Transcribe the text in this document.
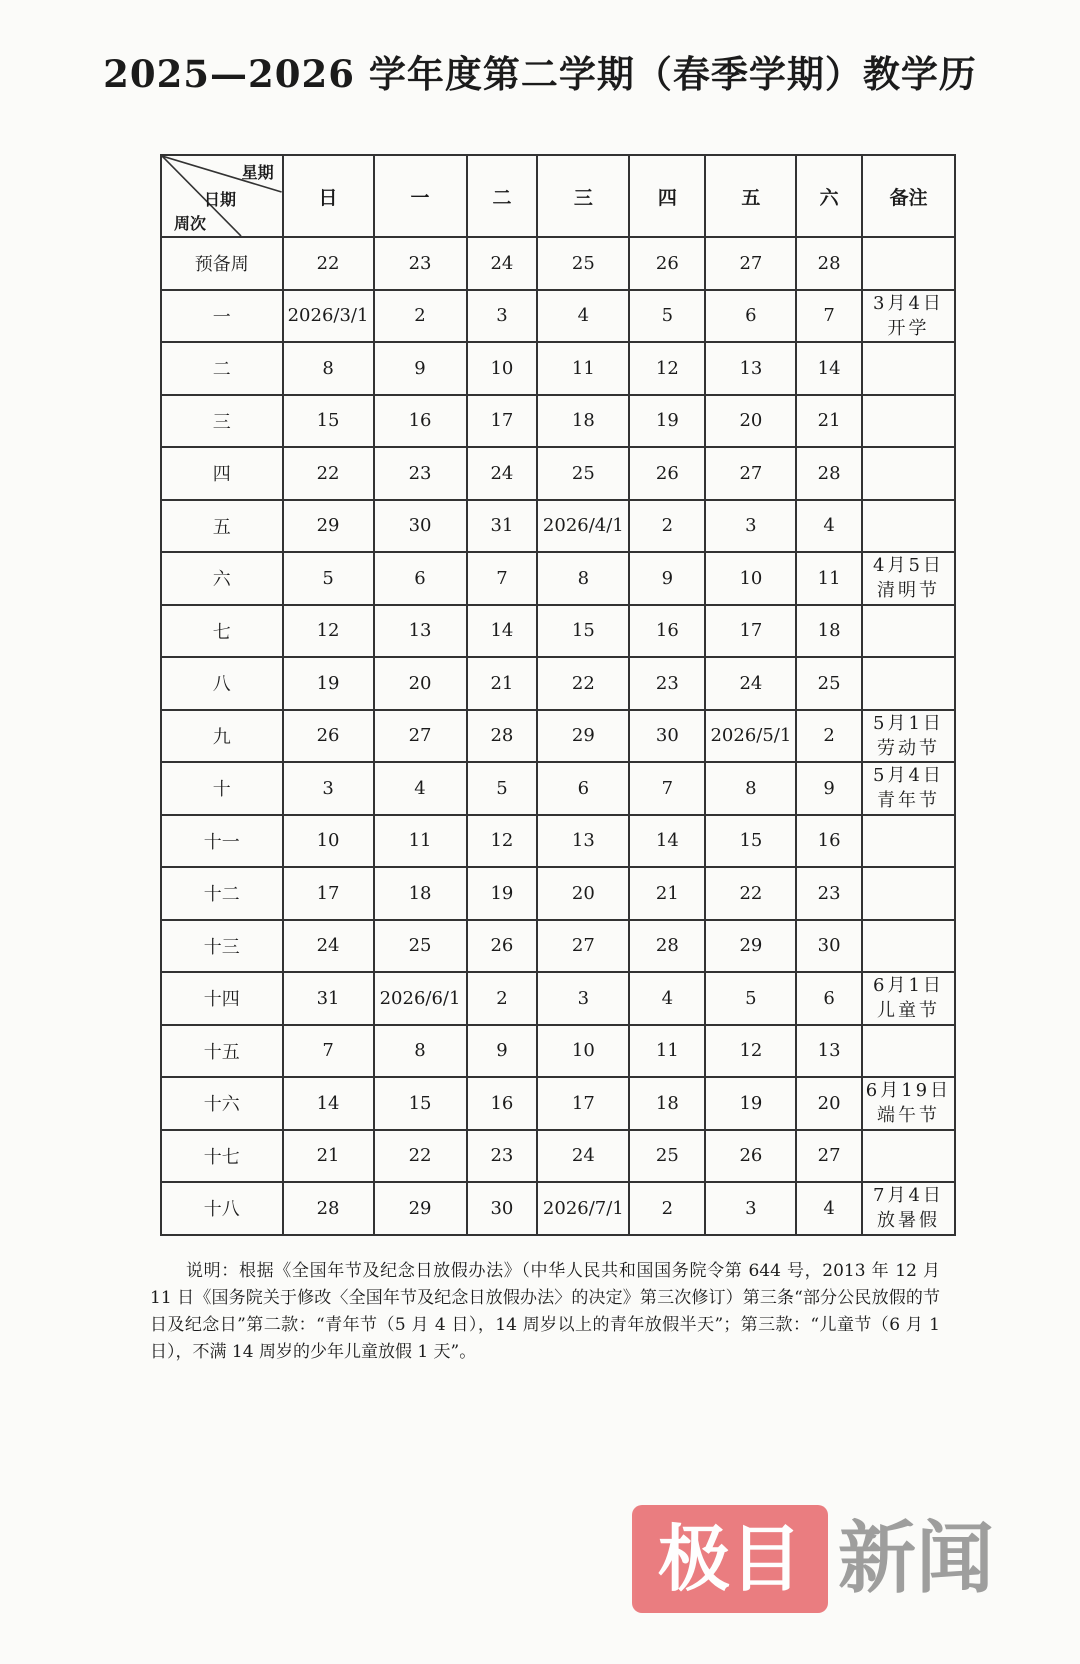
2025—2026 学年度第二学期（春季学期）教学历
星期
日期
周次	日	一	二	三	四	五	六	备注
预备周	22	23	24	25	26	27	28	

一	2026/3/1	2	3	4	5	6	7	3月4日
开学

二	8	9	10	11	12	13	14	

三	15	16	17	18	19	20	21	

四	22	23	24	25	26	27	28	

五	29	30	31	2026/4/1	2	3	4	

六	5	6	7	8	9	10	11	4月5日
清明节

七	12	13	14	15	16	17	18	

八	19	20	21	22	23	24	25	

九	26	27	28	29	30	2026/5/1	2	5月1日
劳动节

十	3	4	5	6	7	8	9	5月4日
青年节

十一	10	11	12	13	14	15	16	

十二	17	18	19	20	21	22	23	

十三	24	25	26	27	28	29	30	

十四	31	2026/6/1	2	3	4	5	6	6月1日
儿童节

十五	7	8	9	10	11	12	13	

十六	14	15	16	17	18	19	20	6月19日
端午节

十七	21	22	23	24	25	26	27	

十八	28	29	30	2026/7/1	2	3	4	7月4日
放暑假
说明：根据《全国年节及纪念日放假办法》（中华人民共和国国务院令第 644 号，2013 年 12 月 11 日《国务院关于修改〈全国年节及纪念日放假办法〉的决定》第三次修订）第三条“部分公民放假的节日及纪念日”第二款：“青年节（5 月 4 日），14 周岁以上的青年放假半天”；第三款：“儿童节（6 月 1 日），不满 14 周岁的少年儿童放假 1 天”。
极目 新闻
